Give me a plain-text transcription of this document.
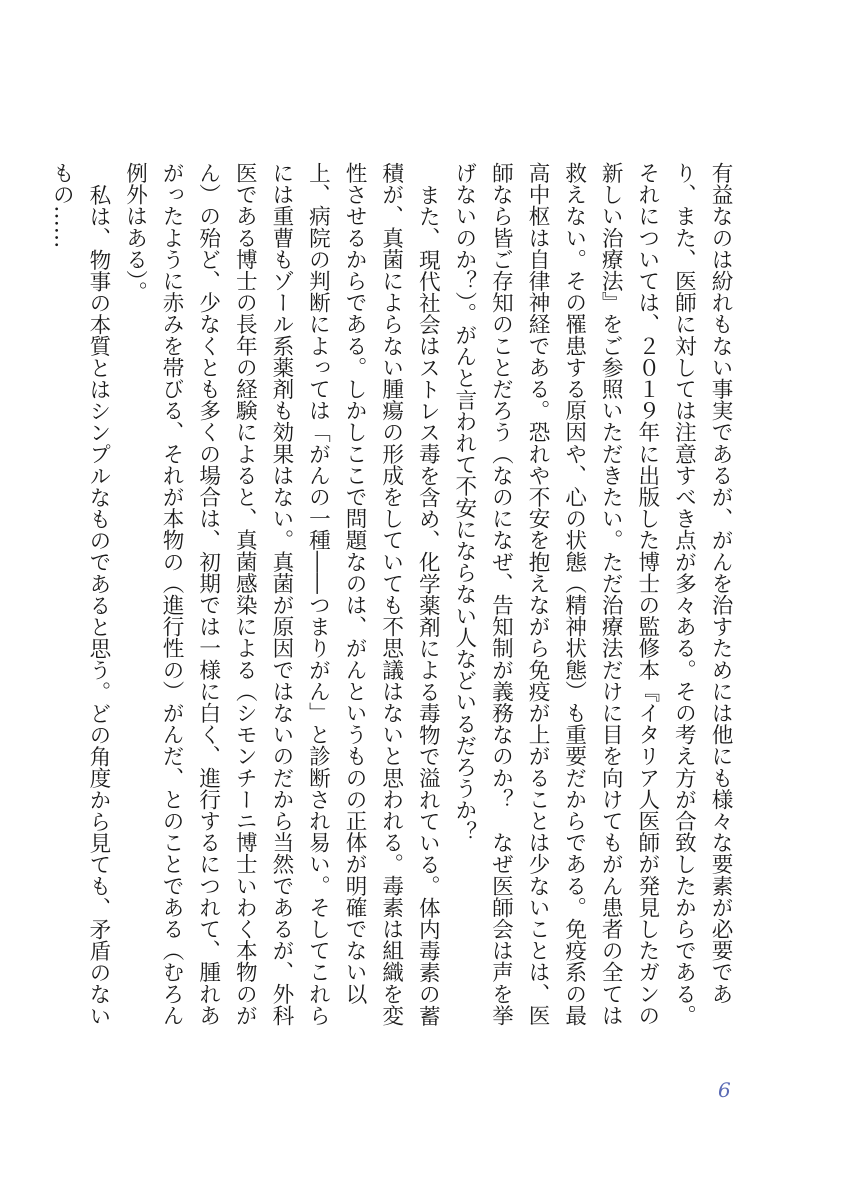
有益なのは紛れもない事実であるが、がんを治すためには他にも様々な要素が必要であり、また、医師に対しては注意すべき点が多々ある。その考え方が合致したからである。それについては、２０１９年に出版した博士の監修本『イタリア人医師が発見したガンの新しい治療法』をご参照いただきたい。ただ治療法だけに目を向けてもがん患者の全ては救えない。その罹患する原因や、心の状態（精神状態）も重要だからである。免疫系の最高中枢は自律神経である。恐れや不安を抱えながら免疫が上がることは少ないことは、医師なら皆ご存知のことだろう（なのになぜ、告知制が義務なのか？　なぜ医師会は声を挙げないのか？）。がんと言われて不安にならない人などいるだろうか？

また、現代社会はストレス毒を含め、化学薬剤による毒物で溢れている。体内毒素の蓄積が、真菌によらない腫瘍の形成をしていても不思議はないと思われる。毒素は組織を変性させるからである。しかしここで問題なのは、がんというものの正体が明確でない以上、病院の判断によっては「がんの一種――つまりがん」と診断され易い。そしてこれらには重曹もゾール系薬剤も効果はない。真菌が原因ではないのだから当然であるが、外科医である博士の長年の経験によると、真菌感染による（シモンチーニ博士いわく本物のがん）の殆ど、少なくとも多くの場合は、初期では一様に白く、進行するにつれて、腫れあがったように赤みを帯びる、それが本物の（進行性の）がんだ、とのことである（むろん例外はある）。

私は、物事の本質とはシンプルなものであると思う。どの角度から見ても、矛盾のないもの……

6
